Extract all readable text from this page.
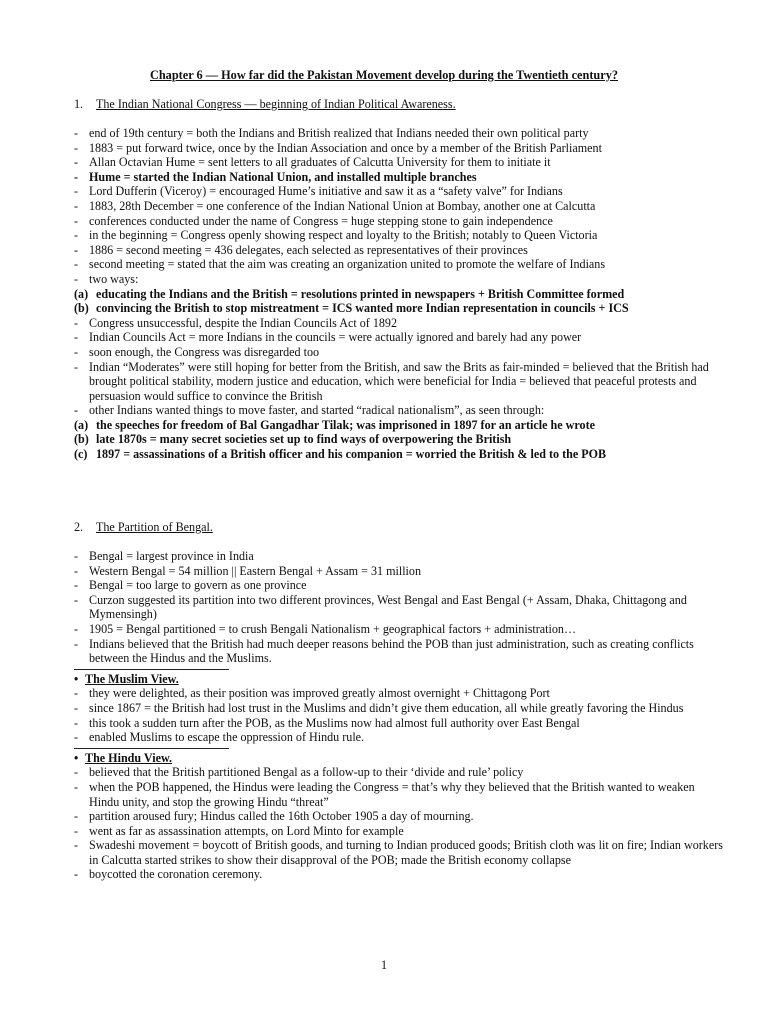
Chapter 6 — How far did the Pakistan Movement develop during the Twentieth century?
1. The Indian National Congress — beginning of Indian Political Awareness.
- end of 19th century = both the Indians and British realized that Indians needed their own political party
- 1883 = put forward twice, once by the Indian Association and once by a member of the British Parliament
- Allan Octavian Hume = sent letters to all graduates of Calcutta University for them to initiate it
- Hume = started the Indian National Union, and installed multiple branches
- Lord Dufferin (Viceroy) = encouraged Hume’s initiative and saw it as a “safety valve” for Indians
- 1883, 28th December = one conference of the Indian National Union at Bombay, another one at Calcutta
- conferences conducted under the name of Congress = huge stepping stone to gain independence
- in the beginning = Congress openly showing respect and loyalty to the British; notably to Queen Victoria
- 1886 = second meeting = 436 delegates, each selected as representatives of their provinces
- second meeting = stated that the aim was creating an organization united to promote the welfare of Indians
- two ways:
(a) educating the Indians and the British = resolutions printed in newspapers + British Committee formed
(b) convincing the British to stop mistreatment = ICS wanted more Indian representation in councils + ICS
- Congress unsuccessful, despite the Indian Councils Act of 1892
- Indian Councils Act = more Indians in the councils = were actually ignored and barely had any power
- soon enough, the Congress was disregarded too
- Indian “Moderates” were still hoping for better from the British, and saw the Brits as fair-minded = believed that the British had brought political stability, modern justice and education, which were beneficial for India = believed that peaceful protests and persuasion would suffice to convince the British
- other Indians wanted things to move faster, and started “radical nationalism”, as seen through:
(a) the speeches for freedom of Bal Gangadhar Tilak; was imprisoned in 1897 for an article he wrote
(b) late 1870s = many secret societies set up to find ways of overpowering the British
(c) 1897 = assassinations of a British officer and his companion = worried the British & led to the POB
2. The Partition of Bengal.
- Bengal = largest province in India
- Western Bengal = 54 million || Eastern Bengal + Assam = 31 million
- Bengal = too large to govern as one province
- Curzon suggested its partition into two different provinces, West Bengal and East Bengal (+ Assam, Dhaka, Chittagong and Mymensingh)
- 1905 = Bengal partitioned = to crush Bengali Nationalism + geographical factors + administration…
- Indians believed that the British had much deeper reasons behind the POB than just administration, such as creating conflicts between the Hindus and the Muslims.
• The Muslim View.
- they were delighted, as their position was improved greatly almost overnight + Chittagong Port
- since 1867 = the British had lost trust in the Muslims and didn’t give them education, all while greatly favoring the Hindus
- this took a sudden turn after the POB, as the Muslims now had almost full authority over East Bengal
- enabled Muslims to escape the oppression of Hindu rule.
• The Hindu View.
- believed that the British partitioned Bengal as a follow-up to their ‘divide and rule’ policy
- when the POB happened, the Hindus were leading the Congress = that’s why they believed that the British wanted to weaken Hindu unity, and stop the growing Hindu “threat”
- partition aroused fury; Hindus called the 16th October 1905 a day of mourning.
- went as far as assassination attempts, on Lord Minto for example
- Swadeshi movement = boycott of British goods, and turning to Indian produced goods; British cloth was lit on fire; Indian workers in Calcutta started strikes to show their disapproval of the POB; made the British economy collapse
- boycotted the coronation ceremony.
1
